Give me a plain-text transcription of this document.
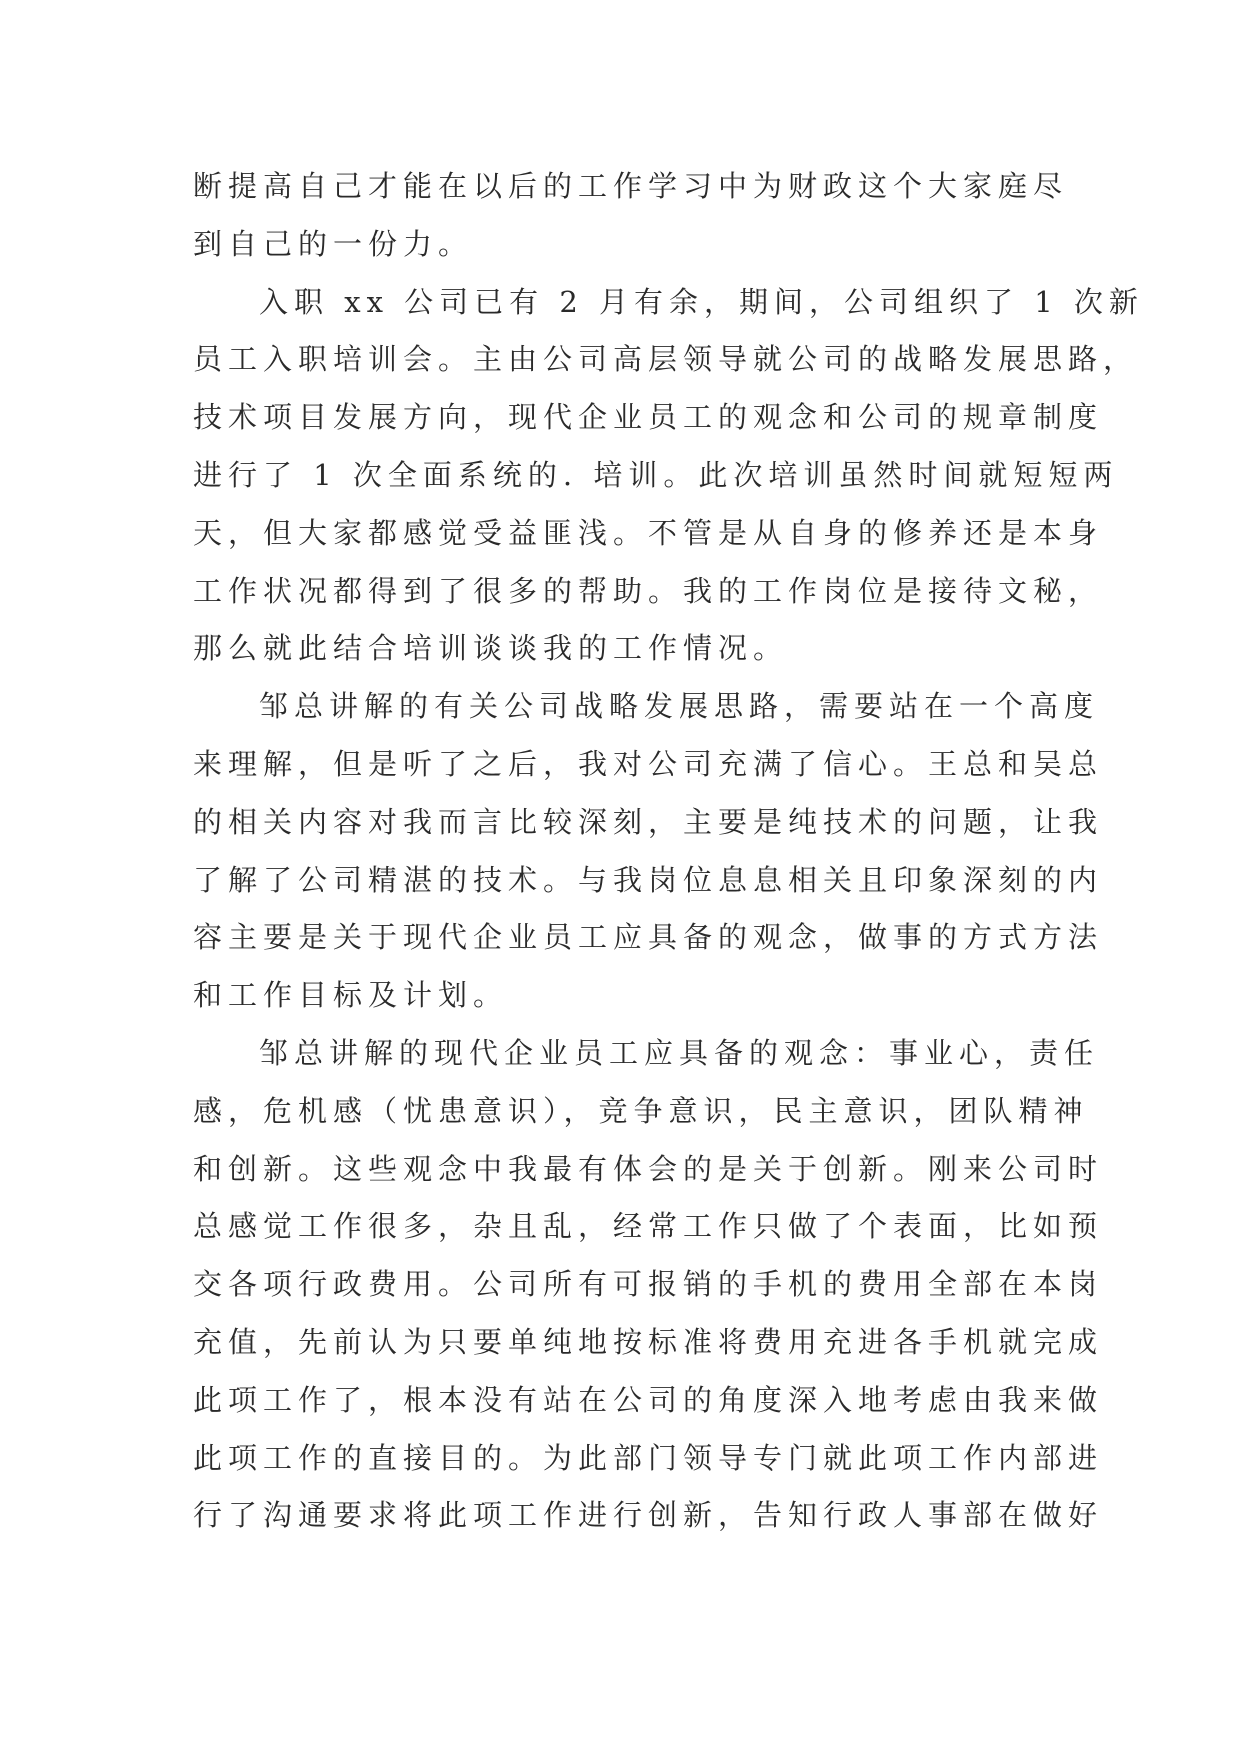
断提高自己才能在以后的工作学习中为财政这个大家庭尽
到自己的一份力。
入职 xx 公司已有 2 月有余，期间，公司组织了 1 次新
员工入职培训会。主由公司高层领导就公司的战略发展思路，
技术项目发展方向，现代企业员工的观念和公司的规章制度
进行了 1 次全面系统的. 培训。此次培训虽然时间就短短两
天，但大家都感觉受益匪浅。不管是从自身的修养还是本身
工作状况都得到了很多的帮助。我的工作岗位是接待文秘，
那么就此结合培训谈谈我的工作情况。
邹总讲解的有关公司战略发展思路，需要站在一个高度
来理解，但是听了之后，我对公司充满了信心。王总和吴总
的相关内容对我而言比较深刻，主要是纯技术的问题，让我
了解了公司精湛的技术。与我岗位息息相关且印象深刻的内
容主要是关于现代企业员工应具备的观念，做事的方式方法
和工作目标及计划。
邹总讲解的现代企业员工应具备的观念：事业心，责任
感，危机感（忧患意识），竞争意识，民主意识，团队精神
和创新。这些观念中我最有体会的是关于创新。刚来公司时
总感觉工作很多，杂且乱，经常工作只做了个表面，比如预
交各项行政费用。公司所有可报销的手机的费用全部在本岗
充值，先前认为只要单纯地按标准将费用充进各手机就完成
此项工作了，根本没有站在公司的角度深入地考虑由我来做
此项工作的直接目的。为此部门领导专门就此项工作内部进
行了沟通要求将此项工作进行创新，告知行政人事部在做好
